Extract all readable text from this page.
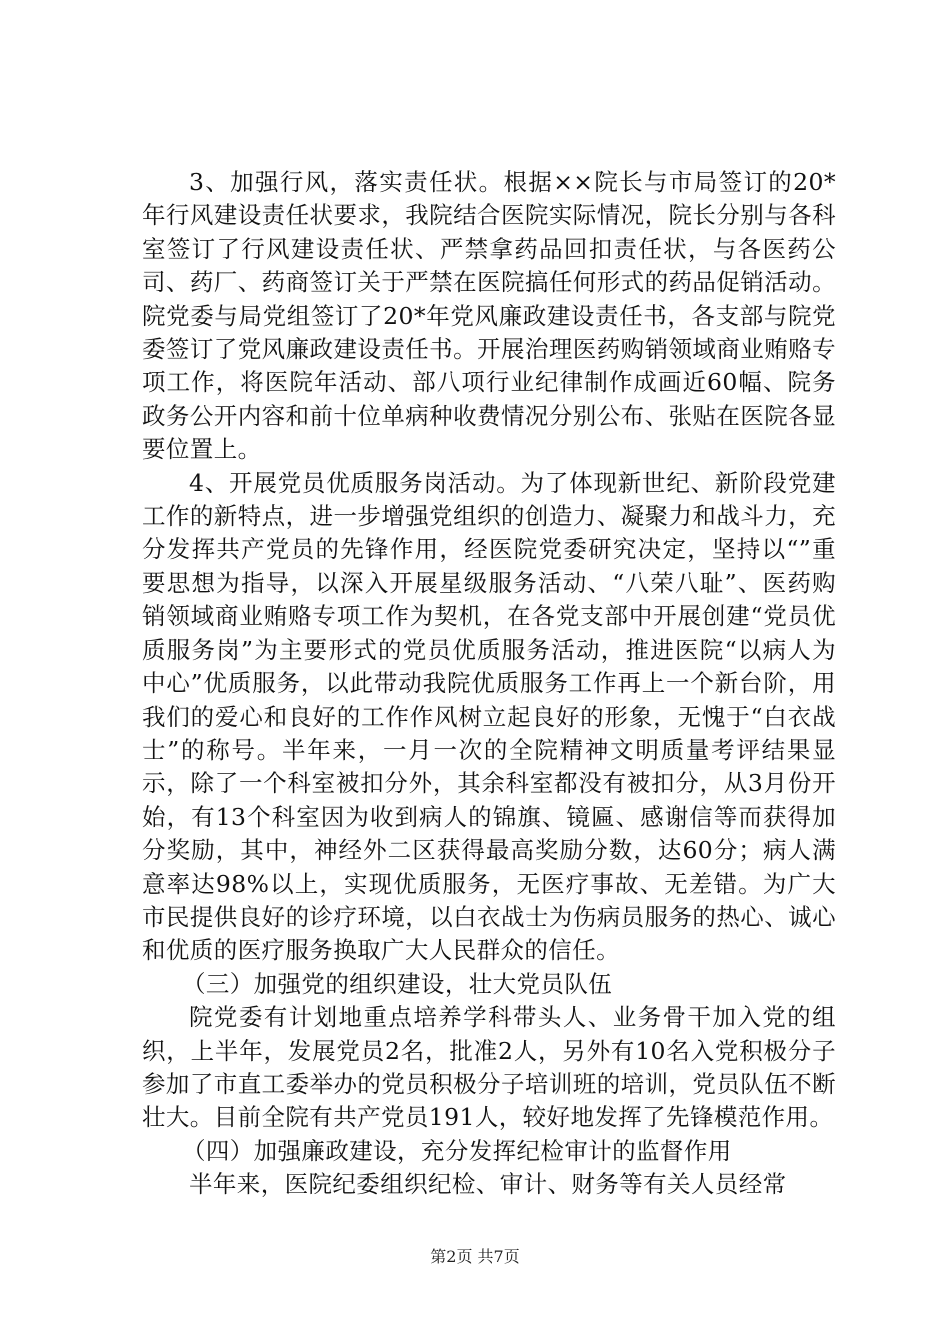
3、加强行风，落实责任状。根据××院长与市局签订的20*年行风建设责任状要求，我院结合医院实际情况，院长分别与各科室签订了行风建设责任状、严禁拿药品回扣责任状，与各医药公司、药厂、药商签订关于严禁在医院搞任何形式的药品促销活动。院党委与局党组签订了20*年党风廉政建设责任书，各支部与院党委签订了党风廉政建设责任书。开展治理医药购销领域商业贿赂专项工作，将医院年活动、部八项行业纪律制作成画近60幅、院务政务公开内容和前十位单病种收费情况分别公布、张贴在医院各显要位置上。

4、开展党员优质服务岗活动。为了体现新世纪、新阶段党建工作的新特点，进一步增强党组织的创造力、凝聚力和战斗力，充分发挥共产党员的先锋作用，经医院党委研究决定，坚持以“”重要思想为指导，以深入开展星级服务活动、“八荣八耻”、医药购销领域商业贿赂专项工作为契机，在各党支部中开展创建“党员优质服务岗”为主要形式的党员优质服务活动，推进医院“以病人为中心”优质服务，以此带动我院优质服务工作再上一个新台阶，用我们的爱心和良好的工作作风树立起良好的形象，无愧于“白衣战士”的称号。半年来，一月一次的全院精神文明质量考评结果显示，除了一个科室被扣分外，其余科室都没有被扣分，从3月份开始，有13个科室因为收到病人的锦旗、镜匾、感谢信等而获得加分奖励，其中，神经外二区获得最高奖励分数，达60分；病人满意率达98%以上，实现优质服务，无医疗事故、无差错。为广大市民提供良好的诊疗环境，以白衣战士为伤病员服务的热心、诚心和优质的医疗服务换取广大人民群众的信任。

（三）加强党的组织建设，壮大党员队伍

院党委有计划地重点培养学科带头人、业务骨干加入党的组织，上半年，发展党员2名，批准2人，另外有10名入党积极分子参加了市直工委举办的党员积极分子培训班的培训，党员队伍不断壮大。目前全院有共产党员191人，较好地发挥了先锋模范作用。

（四）加强廉政建设，充分发挥纪检审计的监督作用

半年来，医院纪委组织纪检、审计、财务等有关人员经常

第2页 共7页
